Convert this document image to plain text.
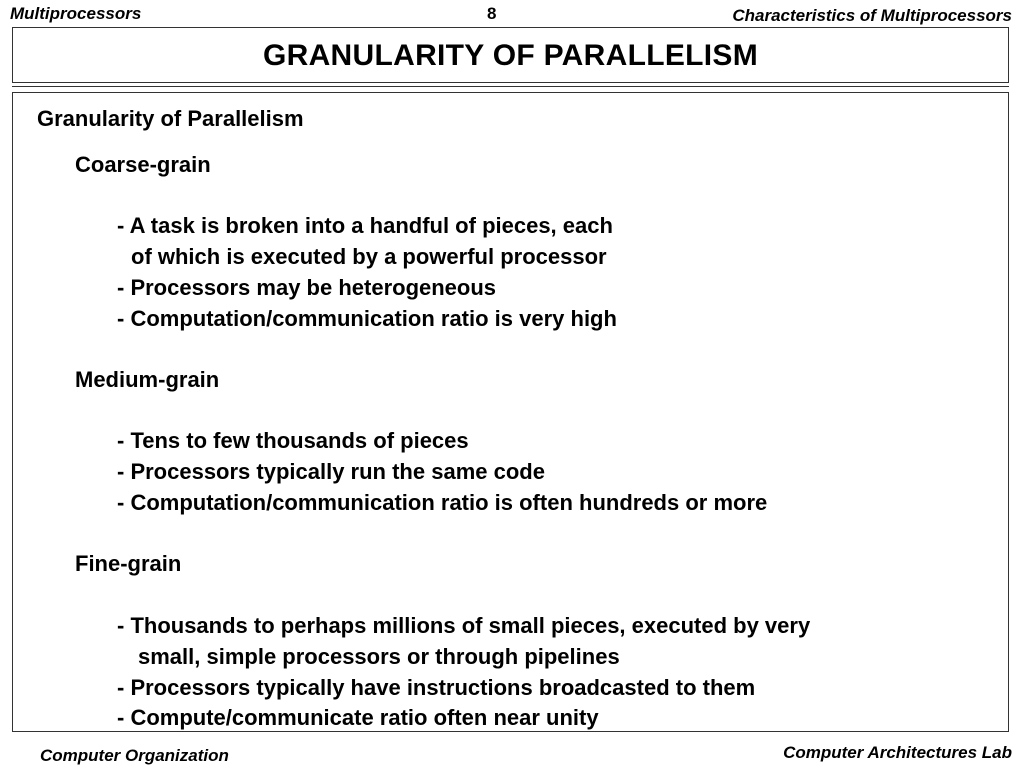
Multiprocessors	8	Characteristics of Multiprocessors
GRANULARITY OF PARALLELISM
Granularity of Parallelism
Coarse-grain
- A task is broken into a handful of pieces, each
of which is executed by a powerful processor
- Processors may be heterogeneous
- Computation/communication ratio is very high
Medium-grain
- Tens to few thousands of pieces
- Processors typically run the same code
- Computation/communication ratio is often hundreds or more
Fine-grain
- Thousands to perhaps millions of small pieces, executed by very
small, simple processors or through pipelines
- Processors typically have instructions broadcasted to them
- Compute/communicate ratio often near unity
Computer Organization	Computer Architectures Lab
